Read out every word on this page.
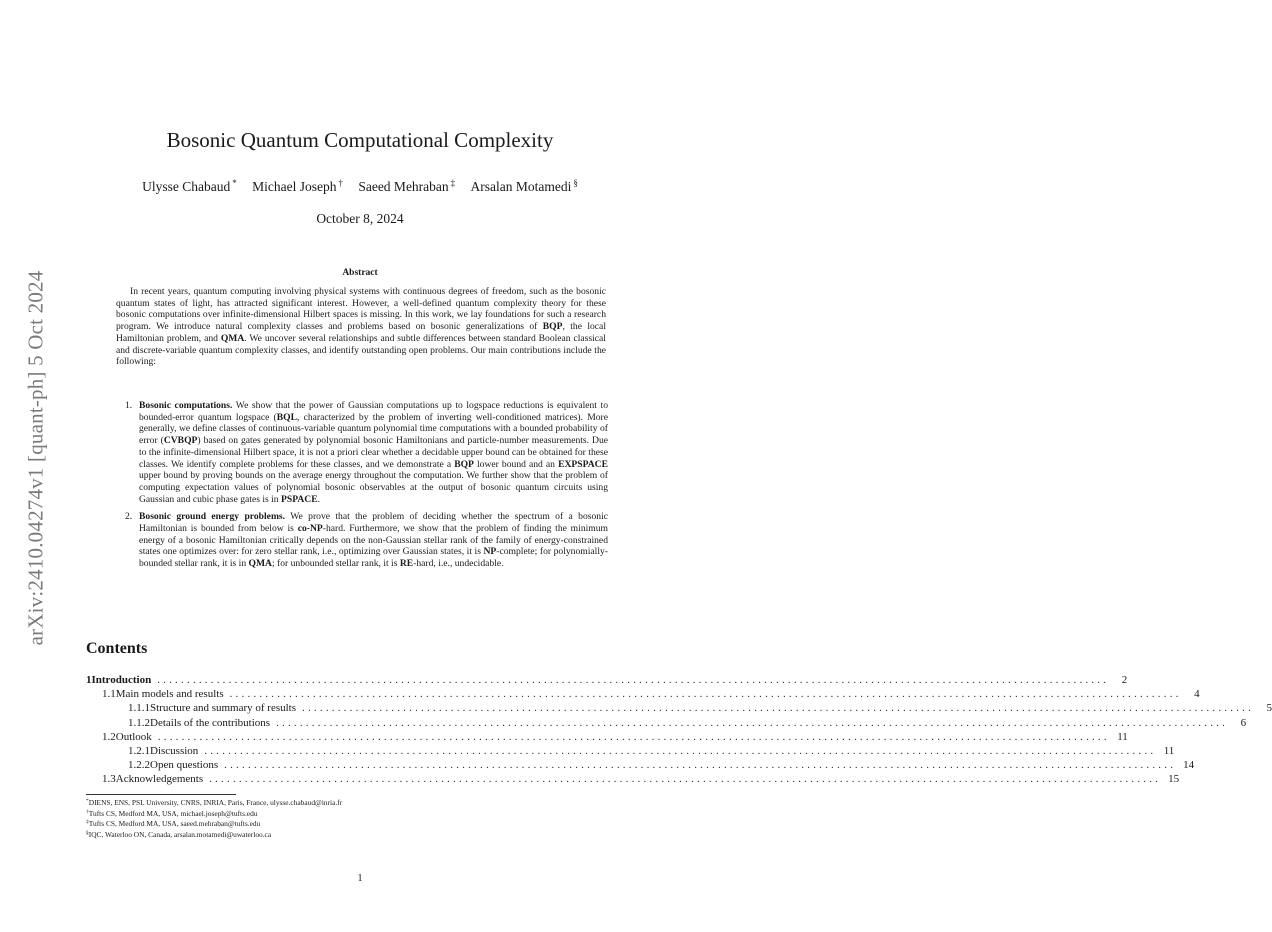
arXiv:2410.04274v1 [quant-ph] 5 Oct 2024
Bosonic Quantum Computational Complexity
Ulysse Chabaud * Michael Joseph † Saeed Mehraban ‡ Arsalan Motamedi §
October 8, 2024
Abstract
In recent years, quantum computing involving physical systems with continuous degrees of freedom, such as the bosonic quantum states of light, has attracted significant interest. However, a well-defined quantum complexity theory for these bosonic computations over infinite-dimensional Hilbert spaces is missing. In this work, we lay foundations for such a research program. We introduce natural complexity classes and problems based on bosonic generalizations of BQP, the local Hamiltonian problem, and QMA. We uncover several relationships and subtle differences between standard Boolean classical and discrete-variable quantum complexity classes, and identify outstanding open problems. Our main contributions include the following:
1. Bosonic computations. We show that the power of Gaussian computations up to logspace reductions is equivalent to bounded-error quantum logspace (BQL, characterized by the problem of inverting well-conditioned matrices). More generally, we define classes of continuous-variable quantum polynomial time computations with a bounded probability of error (CVBQP) based on gates generated by polynomial bosonic Hamiltonians and particle-number measurements. Due to the infinite-dimensional Hilbert space, it is not a priori clear whether a decidable upper bound can be obtained for these classes. We identify complete problems for these classes, and we demonstrate a BQP lower bound and an EXPSPACE upper bound by proving bounds on the average energy throughout the computation. We further show that the problem of computing expectation values of polynomial bosonic observables at the output of bosonic quantum circuits using Gaussian and cubic phase gates is in PSPACE.
2. Bosonic ground energy problems. We prove that the problem of deciding whether the spectrum of a bosonic Hamiltonian is bounded from below is co-NP-hard. Furthermore, we show that the problem of finding the minimum energy of a bosonic Hamiltonian critically depends on the non-Gaussian stellar rank of the family of energy-constrained states one optimizes over: for zero stellar rank, i.e., optimizing over Gaussian states, it is NP-complete; for polynomially-bounded stellar rank, it is in QMA; for unbounded stellar rank, it is RE-hard, i.e., undecidable.
Contents
1 Introduction ................................................................................................................................................................	2
1.1 Main models and results ................................................................................................................................................................	4
1.1.1 Structure and summary of results ................................................................................................................................................................	5
1.1.2 Details of the contributions ................................................................................................................................................................	6
1.2 Outlook ................................................................................................................................................................ 11
1.2.1 Discussion ................................................................................................................................................................ 11
1.2.2 Open questions ................................................................................................................................................................ 14
1.3 Acknowledgements ................................................................................................................................................................ 15
*DIENS, ENS, PSL University, CNRS, INRIA, Paris, France, ulysse.chabaud@inria.fr
†Tufts CS, Medford MA, USA, michael.joseph@tufts.edu
‡Tufts CS, Medford MA, USA, saeed.mehraban@tufts.edu
§IQC, Waterloo ON, Canada, arsalan.motamedi@uwaterloo.ca
1
